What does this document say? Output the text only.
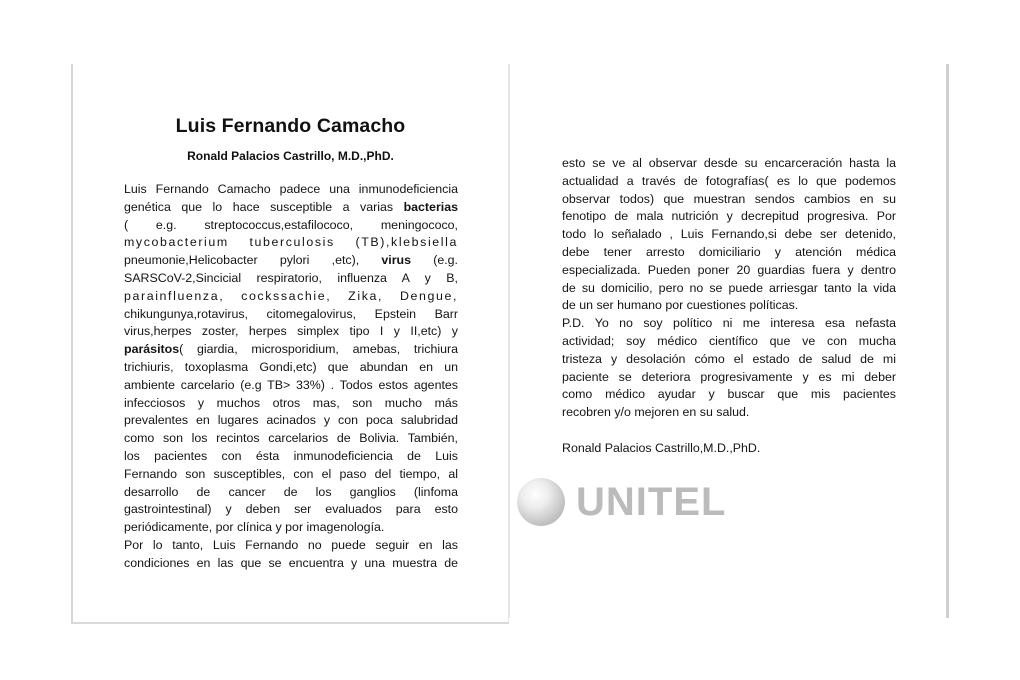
Luis Fernando Camacho
Ronald Palacios Castrillo, M.D.,PhD.
Luis Fernando Camacho padece una inmunodeficiencia
genética que lo hace susceptible a varias bacterias
( e.g. streptococcus,estafilococo, meningococo,
mycobacterium tuberculosis (TB),klebsiella
pneumonie,Helicobacter pylori ,etc), virus (e.g.
SARSCoV-2,Sincicial respiratorio, influenza A y B,
parainfluenza, cockssachie, Zika, Dengue,
chikungunya,rotavirus, citomegalovirus, Epstein Barr
virus,herpes zoster, herpes simplex tipo I y II,etc) y
parásitos( giardia, microsporidium, amebas, trichiura
trichiuris, toxoplasma Gondi,etc) que abundan en un
ambiente carcelario (e.g TB> 33%) . Todos estos agentes
infecciosos y muchos otros mas, son mucho más
prevalentes en lugares acinados y con poca salubridad
como son los recintos carcelarios de Bolivia. También,
los pacientes con ésta inmunodeficiencia de Luis
Fernando son susceptibles, con el paso del tiempo, al
desarrollo de cancer de los ganglios (linfoma
gastrointestinal) y deben ser evaluados para esto
periódicamente, por clínica y por imagenología.
Por lo tanto, Luis Fernando no puede seguir en las
condiciones en las que se encuentra y una muestra de
esto se ve al observar desde su encarceración hasta la
actualidad a través de fotografías( es lo que podemos
observar todos) que muestran sendos cambios en su
fenotipo de mala nutrición y decrepitud progresiva. Por
todo lo señalado , Luis Fernando,si debe ser detenido,
debe tener arresto domiciliario y atención médica
especializada. Pueden poner 20 guardias fuera y dentro
de su domicilio, pero no se puede arriesgar tanto la vida
de un ser humano por cuestiones políticas.
P.D. Yo no soy político ni me interesa esa nefasta
actividad; soy médico científico que ve con mucha
tristeza y desolación cómo el estado de salud de mi
paciente se deteriora progresivamente y es mi deber
como médico ayudar y buscar que mis pacientes
recobren y/o mejoren en su salud.
Ronald Palacios Castrillo,M.D.,PhD.
UNITEL
